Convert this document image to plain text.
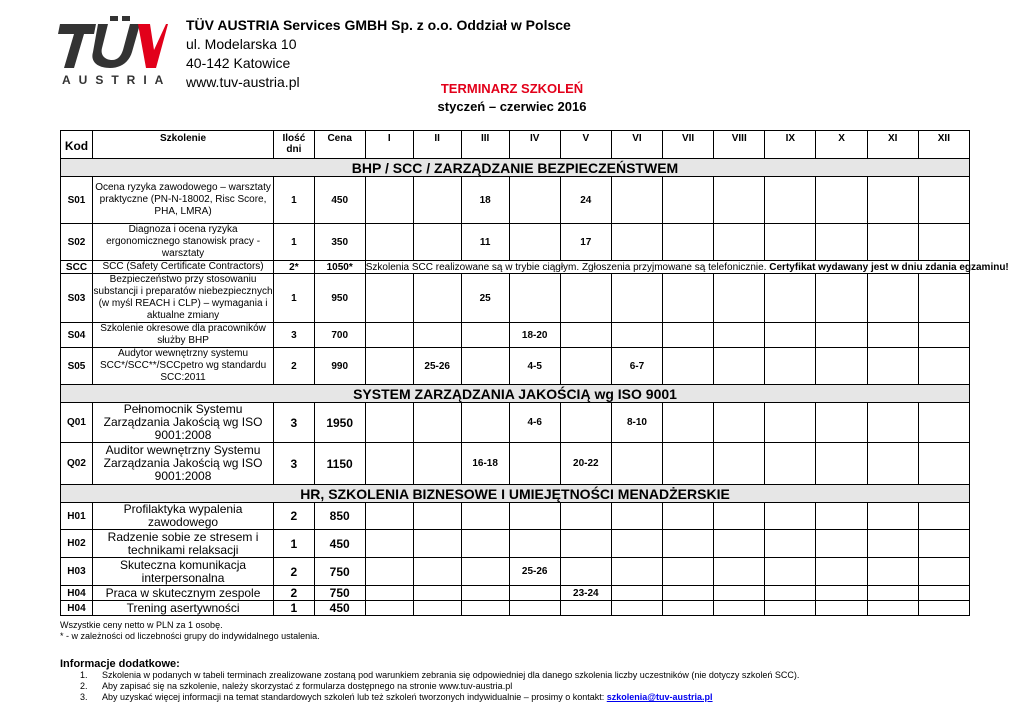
AUSTRIA
TÜV AUSTRIA Services GMBH Sp. z o.o. Oddział w Polsce
ul. Modelarska 10
40-142 Katowice
www.tuv-austria.pl	TERMINARZ SZKOLEŃ
styczeń – czerwiec 2016
Kod	Szkolenie	Ilość dni	Cena	I	II	III	IV	V	VI	VII	VIII	IX	X	XI	XII
BHP / SCC / ZARZĄDZANIE BEZPIECZEŃSTWEM															
S01	Ocena ryzyka zawodowego – warsztaty praktyczne (PN-N-18002, Risc Score, PHA, LMRA)	1	450			18		24							
S02	Diagnoza i ocena ryzyka ergonomicznego stanowisk pracy - warsztaty	1	350			11		17							
SCC	SCC (Safety Certificate Contractors)	2*	1050*	Szkolenia SCC realizowane są w trybie ciągłym. Zgłoszenia przyjmowane są telefonicznie. Certyfikat wydawany jest w dniu zdania egzaminu!											
S03	Bezpieczeństwo przy stosowaniu substancji i preparatów niebezpiecznych (w myśl REACH i CLP) – wymagania i aktualne zmiany	1	950			25									
S04	Szkolenie okresowe dla pracowników służby BHP	3	700				18-20								
S05	Audytor wewnętrzny systemu SCC*/SCC**/SCCpetro wg standardu SCC:2011	2	990		25-26		4-5		6-7						
SYSTEM ZARZĄDZANIA JAKOŚCIĄ wg ISO 9001															
Q01	Pełnomocnik Systemu Zarządzania Jakością wg ISO 9001:2008	3	1950				4-6		8-10						
Q02	Auditor wewnętrzny Systemu Zarządzania Jakością wg ISO 9001:2008	3	1150			16-18		20-22							
HR, SZKOLENIA BIZNESOWE I UMIEJĘTNOŚCI MENADŻERSKIE															
H01	Profilaktyka wypalenia zawodowego	2	850												
H02	Radzenie sobie ze stresem i technikami relaksacji	1	450												
H03	Skuteczna komunikacja interpersonalna	2	750				25-26								
H04	Praca w skutecznym zespole	2	750					23-24							
H04	Trening asertywności	1	450												
Wszystkie ceny netto w PLN za 1 osobę.
* - w zależności od liczebności grupy do indywidalnego ustalenia.
Informacje dodatkowe:
1. Szkolenia w podanych w tabeli terminach zrealizowane zostaną pod warunkiem zebrania się odpowiedniej dla danego szkolenia liczby uczestników (nie dotyczy szkoleń SCC).
2. Aby zapisać się na szkolenie, należy skorzystać z formularza dostępnego na stronie www.tuv-austria.pl
3. Aby uzyskać więcej informacji na temat standardowych szkoleń lub też szkoleń tworzonych indywidualnie – prosimy o kontakt: szkolenia@tuv-austria.pl
